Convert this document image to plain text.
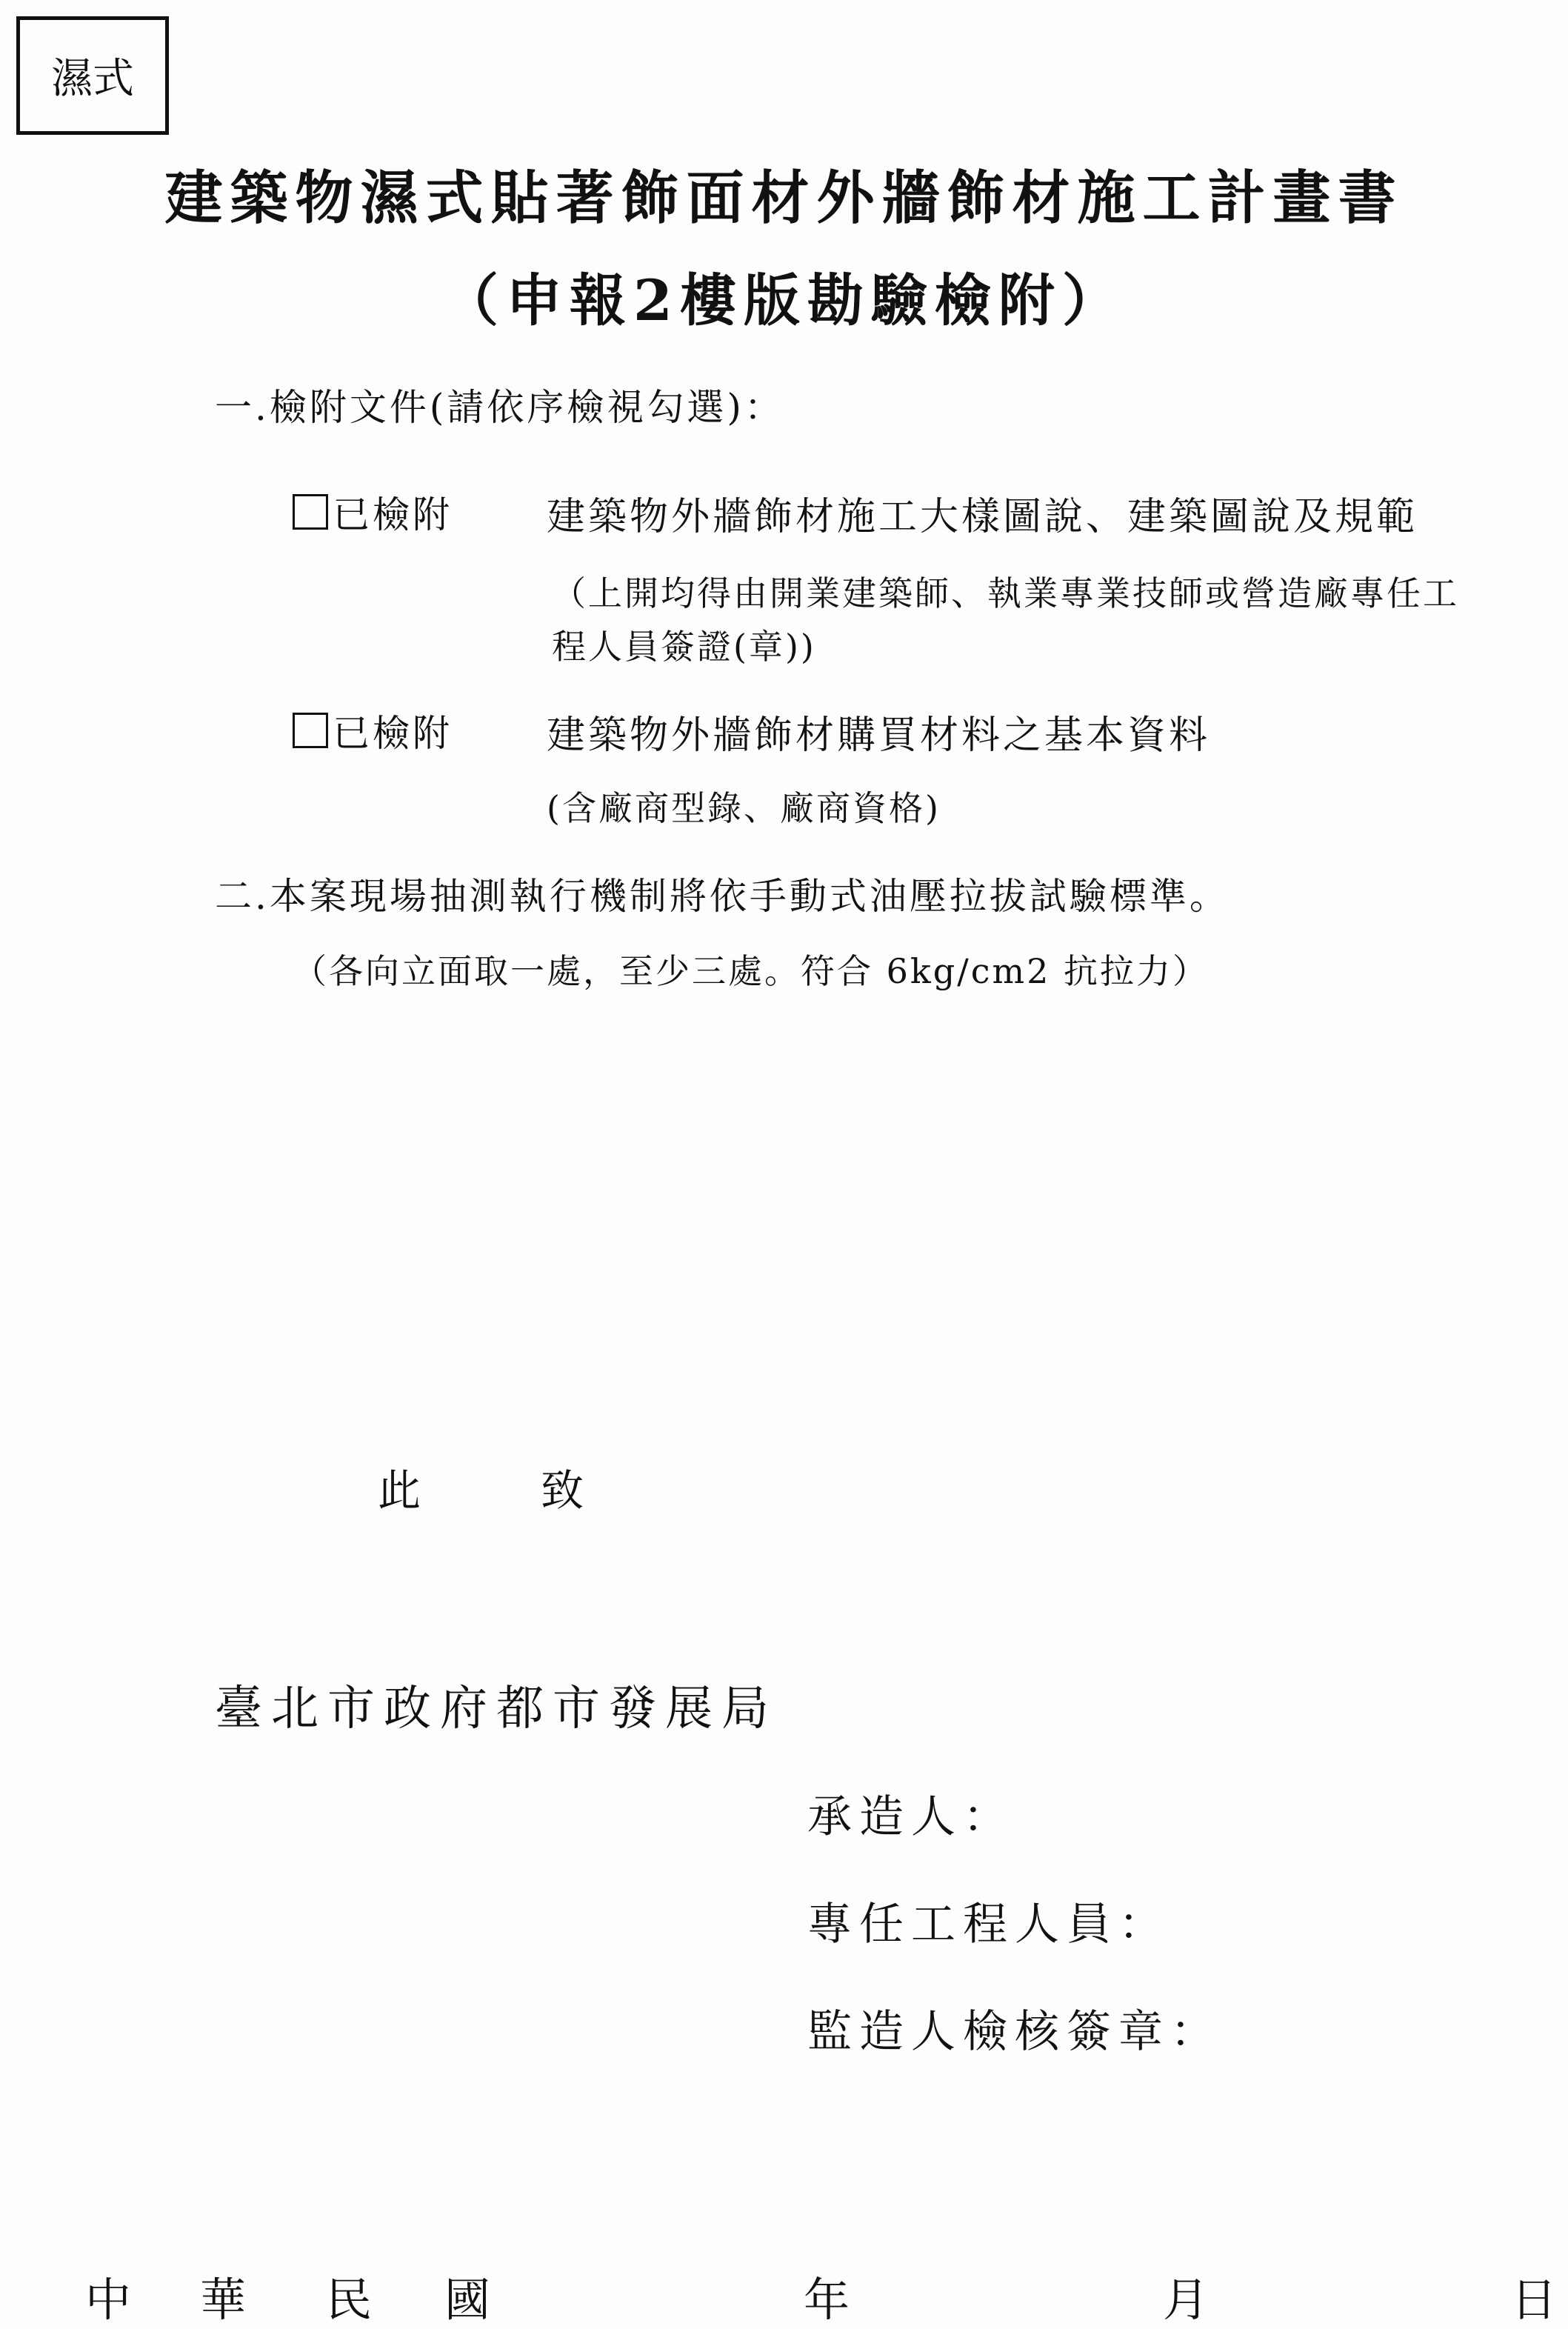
濕式
建築物濕式貼著飾面材外牆飾材施工計畫書
（申報2樓版勘驗檢附）
一.檢附文件(請依序檢視勾選)：
已檢附 建築物外牆飾材施工大樣圖說、建築圖說及規範
（上開均得由開業建築師、執業專業技師或營造廠專任工程人員簽證(章))
已檢附 建築物外牆飾材購買材料之基本資料
(含廠商型錄、廠商資格)
二.本案現場抽測執行機制將依手動式油壓拉拔試驗標準。
（各向立面取一處，至少三處。符合 6kg/cm2 抗拉力）
此	致
臺北市政府都市發展局
承造人：
專任工程人員：
監造人檢核簽章：
中 華 民 國	年	月	日
